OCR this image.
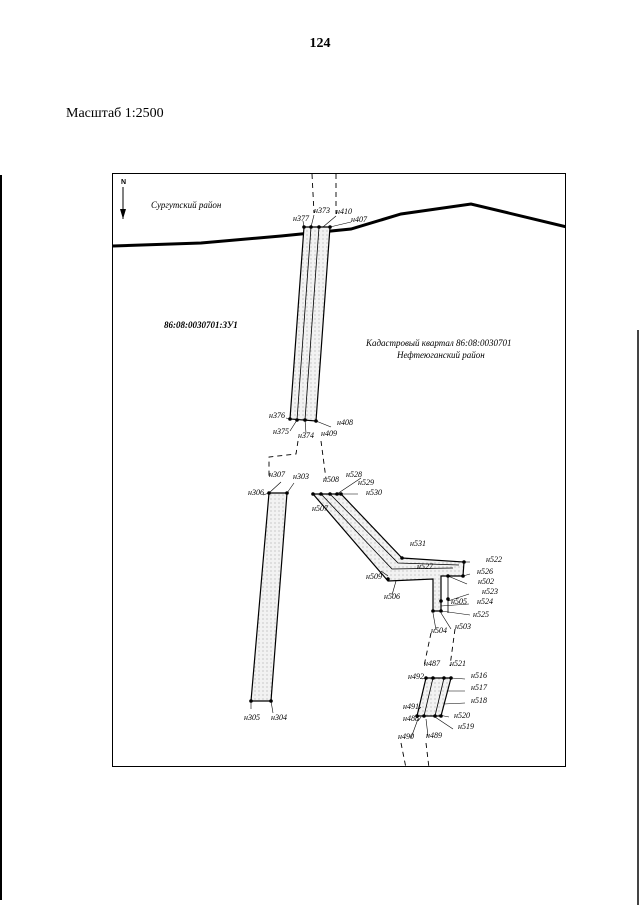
124
Масштаб 1:2500
N
Сургутский район
86:08:0030701:ЗУ1
Кадастровый квартал 86:08:0030701
Нефтеюганский район
н373
н377
н410
н407
н376
н375 н374 н409
н408
н307 н303
н306
н508
н528
н529
н530
н507
н531
н522
н527
н526
н509
н502
н523
н506
н505 н524
н525
н504 н503
н487 н521
н492	н516
н517
н518
н491
н520
н488
н519
н490 н489
н305 н304
